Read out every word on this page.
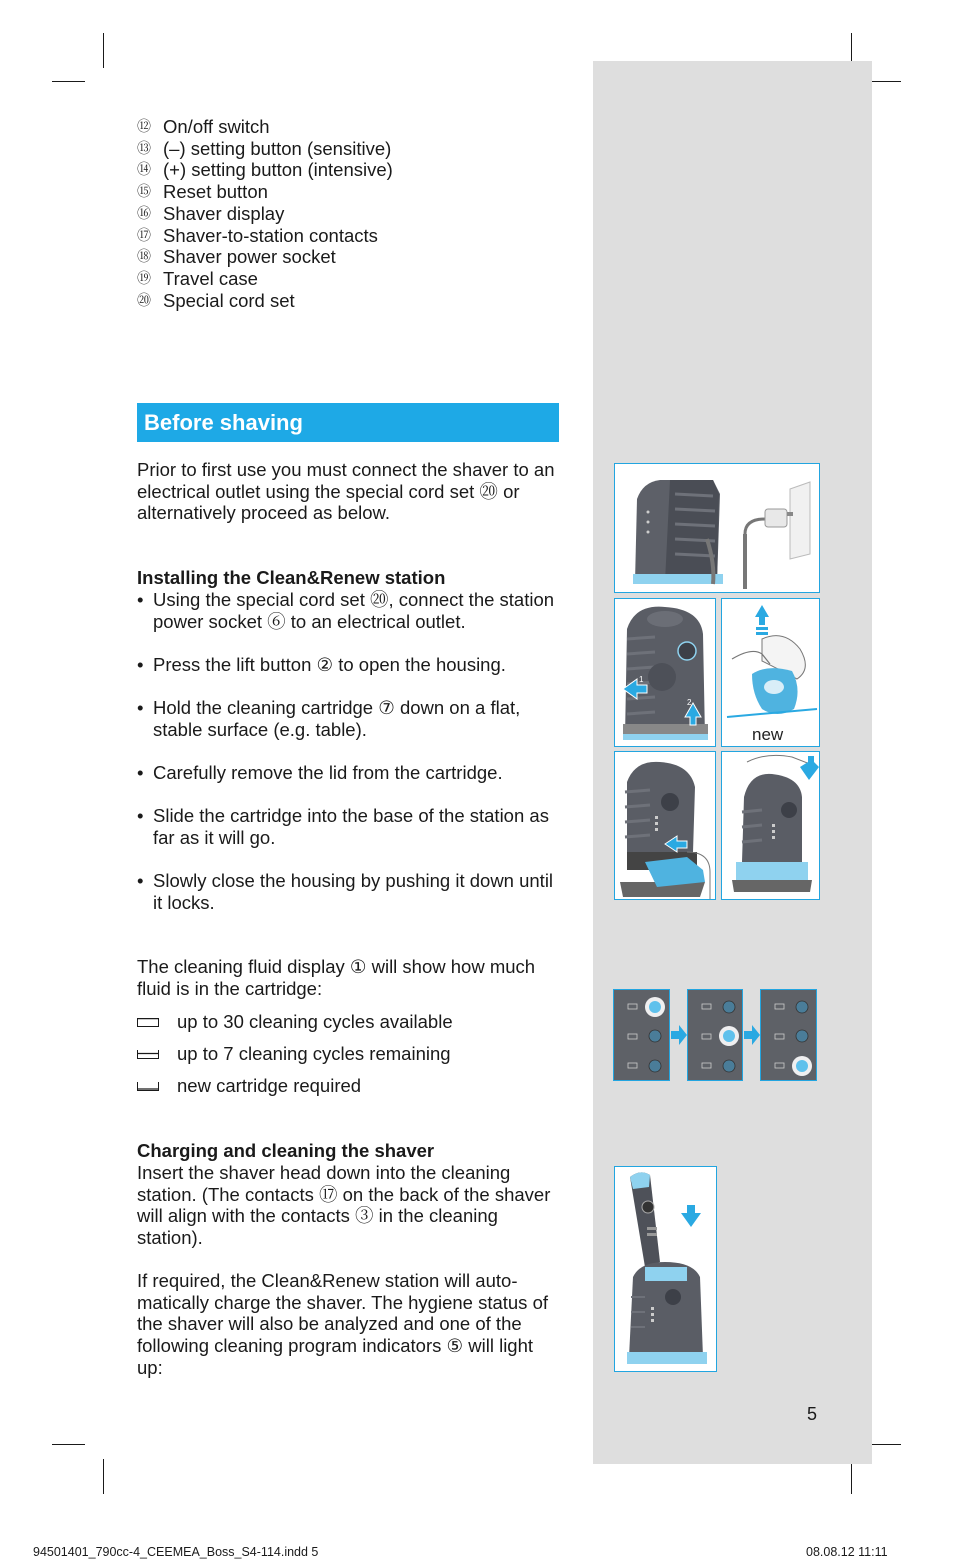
⑫ On/off switch
⑬ (–) setting button (sensitive)
⑭ (+) setting button (intensive)
⑮ Reset button
⑯ Shaver display
⑰ Shaver-to-station contacts
⑱ Shaver power socket
⑲ Travel case
⑳ Special cord set
Before shaving
Prior to first use you must connect the shaver to an electrical outlet using the special cord set ⑳ or alternatively proceed as below.
Installing the Clean&Renew station
• Using the special cord set ⑳, connect the station power socket ⑥ to an electrical outlet.
• Press the lift button ② to open the housing.
• Hold the cleaning cartridge ⑦ down on a flat, stable surface (e.g. table).
• Carefully remove the lid from the cartridge.
• Slide the cartridge into the base of the station as far as it will go.
• Slowly close the housing by pushing it down until it locks.
The cleaning fluid display ① will show how much fluid is in the cartridge:
up to 30 cleaning cycles available
up to 7 cleaning cycles remaining
new cartridge required
Charging and cleaning the shaver
Insert the shaver head down into the cleaning station. (The contacts ⑰ on the back of the shaver will align with the contacts ③ in the cleaning station).
If required, the Clean&Renew station will auto-matically charge the shaver. The hygiene status of the shaver will also be analyzed and one of the following cleaning program indicators ⑤ will light up:
1
2
new
5
94501401_790cc-4_CEEMEA_Boss_S4-114.indd 5	08.08.12 11:11
